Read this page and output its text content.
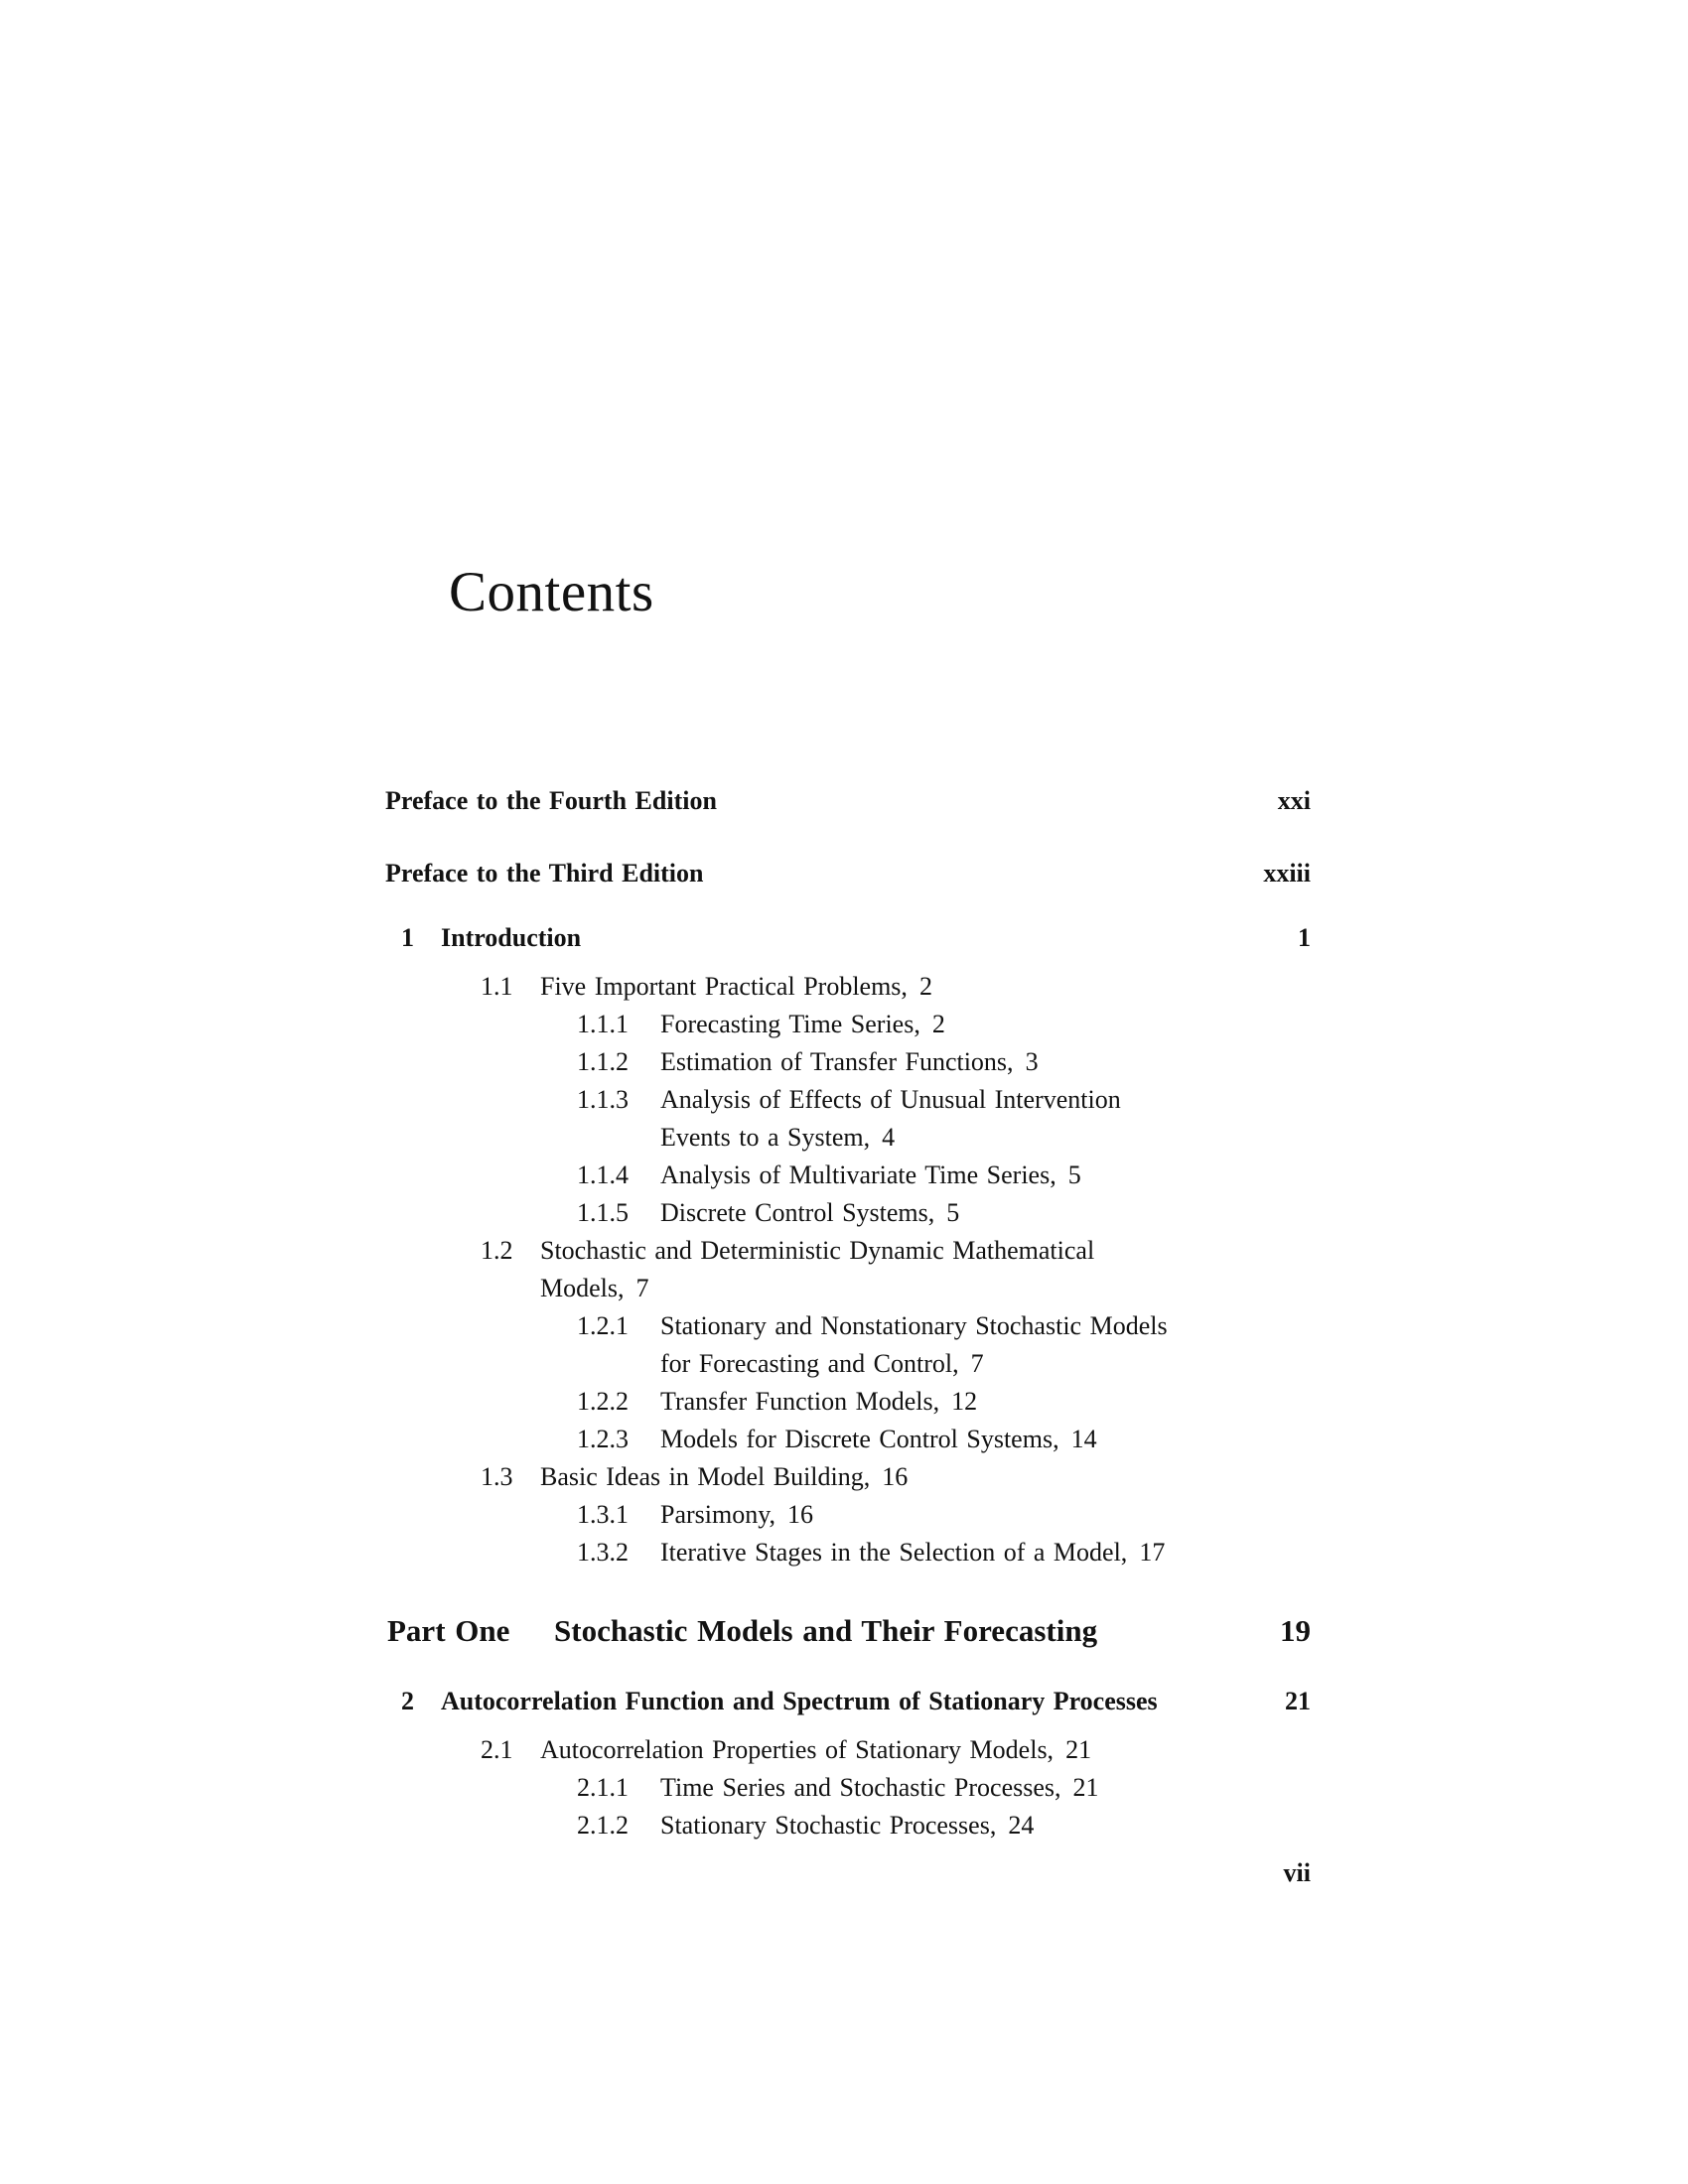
Contents
Preface to the Fourth Edition	xxi
Preface to the Third Edition	xxiii
1	Introduction	1
1.1	Five Important Practical Problems, 2
1.1.1	Forecasting Time Series, 2
1.1.2	Estimation of Transfer Functions, 3
1.1.3	Analysis of Effects of Unusual Intervention
Events to a System, 4
1.1.4	Analysis of Multivariate Time Series, 5
1.1.5	Discrete Control Systems, 5
1.2	Stochastic and Deterministic Dynamic Mathematical
Models, 7
1.2.1	Stationary and Nonstationary Stochastic Models
for Forecasting and Control, 7
1.2.2	Transfer Function Models, 12
1.2.3	Models for Discrete Control Systems, 14
1.3	Basic Ideas in Model Building, 16
1.3.1	Parsimony, 16
1.3.2	Iterative Stages in the Selection of a Model, 17
Part One	Stochastic Models and Their Forecasting	19
2	Autocorrelation Function and Spectrum of Stationary Processes	21
2.1	Autocorrelation Properties of Stationary Models, 21
2.1.1	Time Series and Stochastic Processes, 21
2.1.2	Stationary Stochastic Processes, 24
vii
